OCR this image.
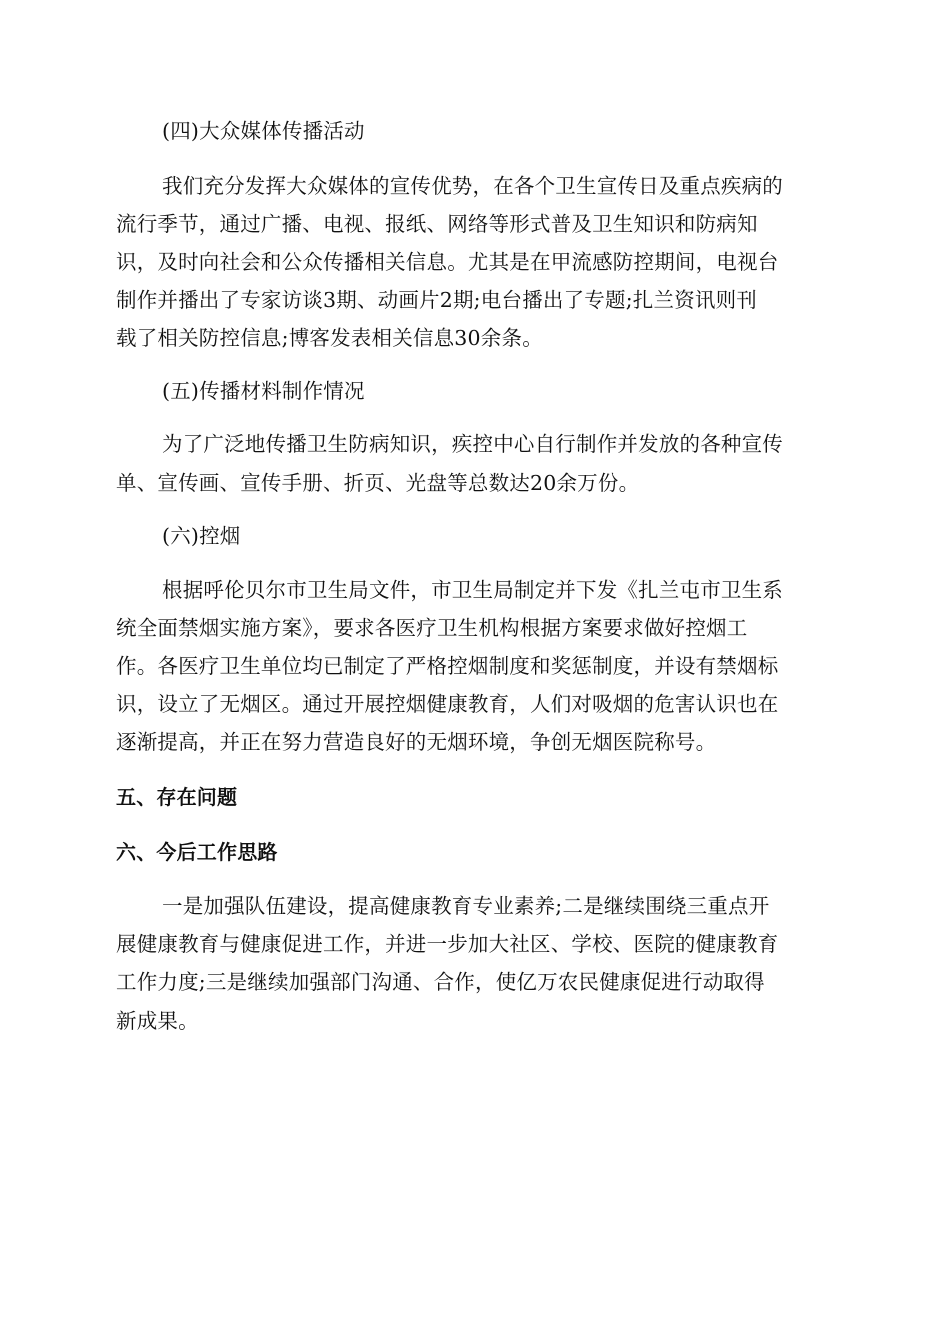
(四)大众媒体传播活动
我们充分发挥大众媒体的宣传优势，在各个卫生宣传日及重点疾病的
流行季节，通过广播、电视、报纸、网络等形式普及卫生知识和防病知
识，及时向社会和公众传播相关信息。尤其是在甲流感防控期间，电视台
制作并播出了专家访谈3期、动画片2期;电台播出了专题;扎兰资讯则刊
载了相关防控信息;博客发表相关信息30余条。
(五)传播材料制作情况
为了广泛地传播卫生防病知识，疾控中心自行制作并发放的各种宣传
单、宣传画、宣传手册、折页、光盘等总数达20余万份。
(六)控烟
根据呼伦贝尔市卫生局文件，市卫生局制定并下发《扎兰屯市卫生系
统全面禁烟实施方案》，要求各医疗卫生机构根据方案要求做好控烟工
作。各医疗卫生单位均已制定了严格控烟制度和奖惩制度，并设有禁烟标
识，设立了无烟区。通过开展控烟健康教育，人们对吸烟的危害认识也在
逐渐提高，并正在努力营造良好的无烟环境，争创无烟医院称号。
五、存在问题
六、今后工作思路
一是加强队伍建设，提高健康教育专业素养;二是继续围绕三重点开
展健康教育与健康促进工作，并进一步加大社区、学校、医院的健康教育
工作力度;三是继续加强部门沟通、合作，使亿万农民健康促进行动取得
新成果。
